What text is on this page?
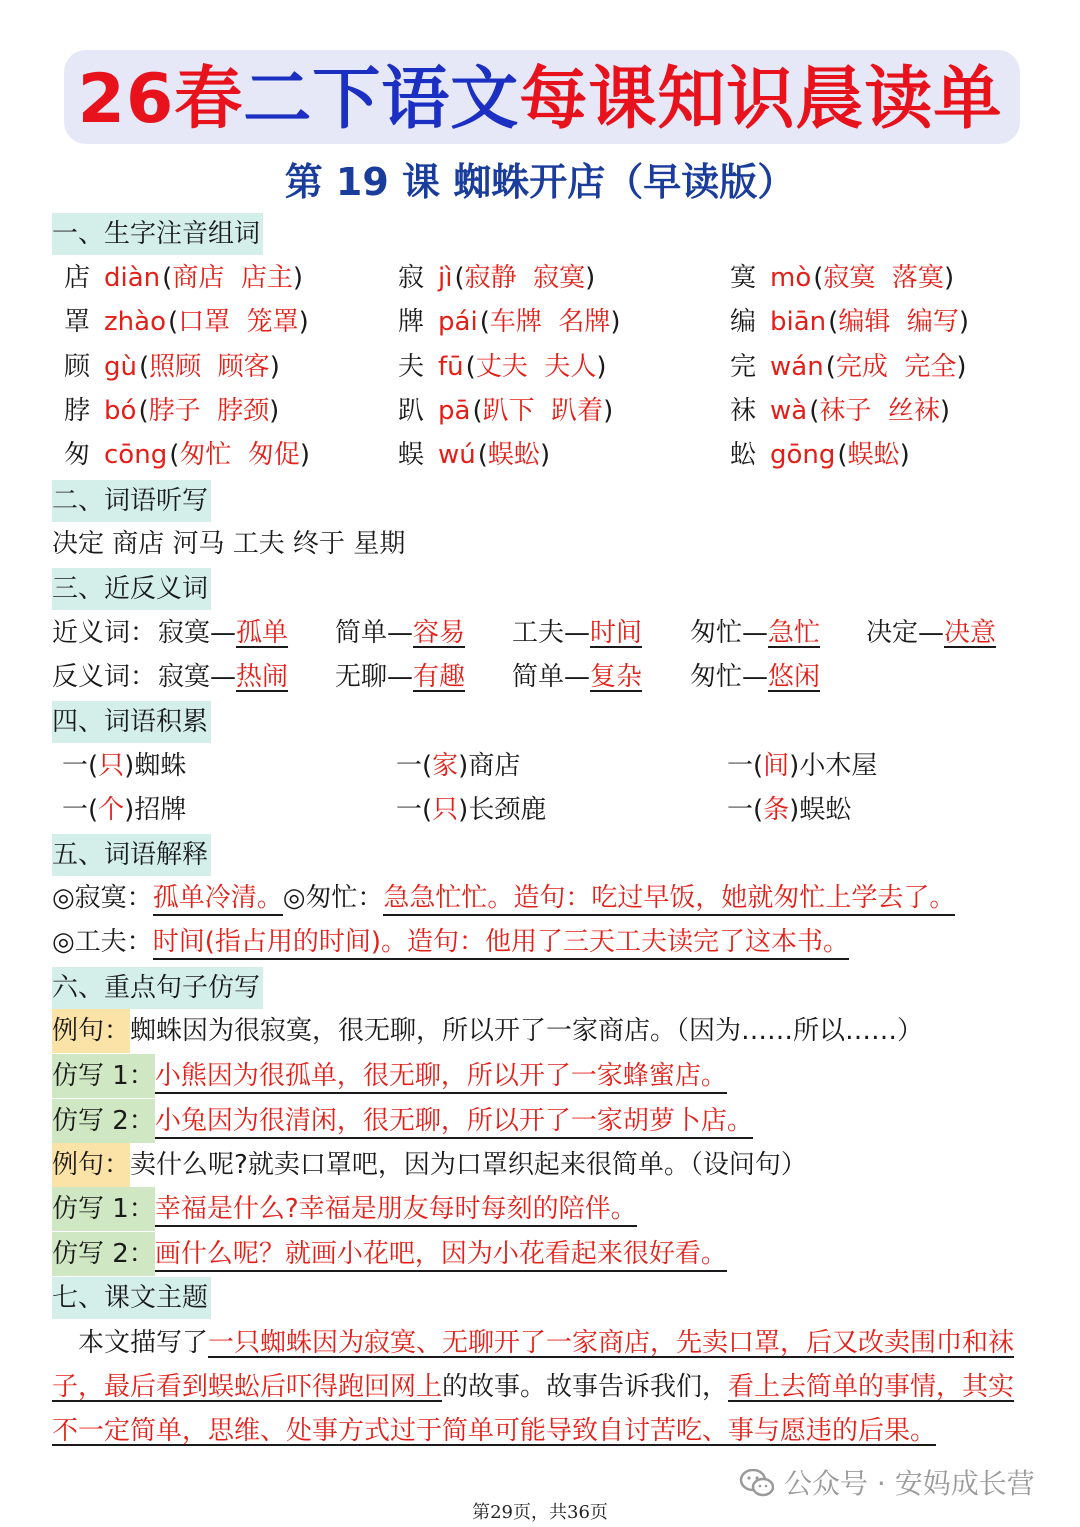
26春二下语文每课知识晨读单
第 19 课 蜘蛛开店（早读版）
一、生字注音组词
店 diàn(商店  店主)	寂 jì(寂静  寂寞)	寞 mò(寂寞  落寞)
罩 zhào(口罩  笼罩)	牌 pái(车牌  名牌)	编 biān(编辑  编写)
顾 gù(照顾  顾客)	夫 fū(丈夫  夫人)	完 wán(完成  完全)
脖 bó(脖子  脖颈)	趴 pā(趴下  趴着)	袜 wà(袜子  丝袜)
匆 cōng(匆忙  匆促)	蜈 wú(蜈蚣)	蚣 gōng(蜈蚣)
二、词语听写
决定 商店 河马 工夫 终于 星期
三、近反义词
近义词： 寂寞—孤单 简单—容易 工夫—时间 匆忙—急忙 决定—决意
反义词： 寂寞—热闹 无聊—有趣 简单—复杂 匆忙—悠闲
四、词语积累
一(只)蜘蛛	一(家)商店	一(间)小木屋
一(个)招牌	一(只)长颈鹿	一(条)蜈蚣
五、词语解释
◎寂寞：孤单冷清。◎匆忙：急急忙忙。造句：吃过早饭，她就匆忙上学去了。
◎工夫：时间(指占用的时间)。造句：他用了三天工夫读完了这本书。
六、重点句子仿写
例句：蜘蛛因为很寂寞，很无聊，所以开了一家商店。（因为……所以……）
仿写 1：小熊因为很孤单，很无聊，所以开了一家蜂蜜店。
仿写 2：小兔因为很清闲，很无聊，所以开了一家胡萝卜店。
例句：卖什么呢?就卖口罩吧，因为口罩织起来很简单。（设问句）
仿写 1：幸福是什么?幸福是朋友每时每刻的陪伴。
仿写 2：画什么呢？就画小花吧，因为小花看起来很好看。
七、课文主题
本文描写了一只蜘蛛因为寂寞、无聊开了一家商店，先卖口罩，后又改卖围巾和袜子，最后看到蜈蚣后吓得跑回网上的故事。故事告诉我们，看上去简单的事情，其实不一定简单，思维、处事方式过于简单可能导致自讨苦吃、事与愿违的后果。
公众号 · 安妈成长营
第29页，共36页
